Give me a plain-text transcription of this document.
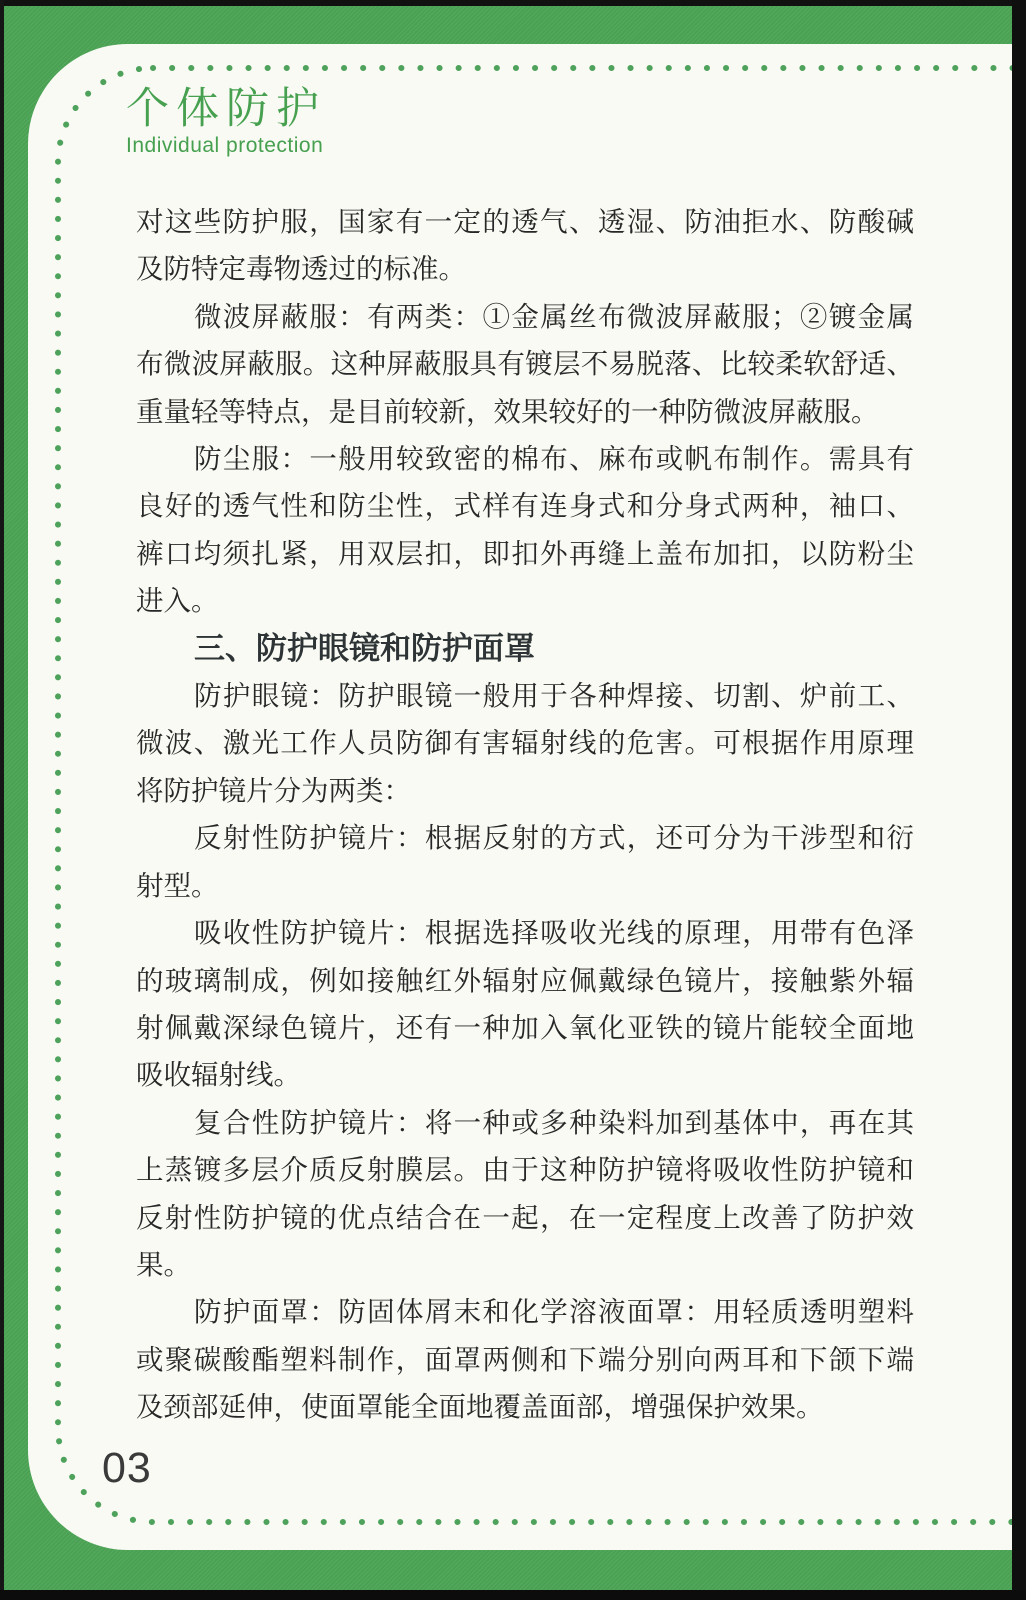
个体防护
Individual protection
对这些防护服，国家有一定的透气、透湿、防油拒水、防酸碱
及防特定毒物透过的标准。
微波屏蔽服：有两类：①金属丝布微波屏蔽服；②镀金属
布微波屏蔽服。这种屏蔽服具有镀层不易脱落、比较柔软舒适、
重量轻等特点，是目前较新，效果较好的一种防微波屏蔽服。
防尘服：一般用较致密的棉布、麻布或帆布制作。需具有
良好的透气性和防尘性，式样有连身式和分身式两种，袖口、
裤口均须扎紧，用双层扣，即扣外再缝上盖布加扣，以防粉尘
进入。
三、防护眼镜和防护面罩
防护眼镜：防护眼镜一般用于各种焊接、切割、炉前工、
微波、激光工作人员防御有害辐射线的危害。可根据作用原理
将防护镜片分为两类：
反射性防护镜片：根据反射的方式，还可分为干涉型和衍
射型。
吸收性防护镜片：根据选择吸收光线的原理，用带有色泽
的玻璃制成，例如接触红外辐射应佩戴绿色镜片，接触紫外辐
射佩戴深绿色镜片，还有一种加入氧化亚铁的镜片能较全面地
吸收辐射线。
复合性防护镜片：将一种或多种染料加到基体中，再在其
上蒸镀多层介质反射膜层。由于这种防护镜将吸收性防护镜和
反射性防护镜的优点结合在一起，在一定程度上改善了防护效
果。
防护面罩：防固体屑末和化学溶液面罩：用轻质透明塑料
或聚碳酸酯塑料制作，面罩两侧和下端分别向两耳和下颌下端
及颈部延伸，使面罩能全面地覆盖面部，增强保护效果。
03
